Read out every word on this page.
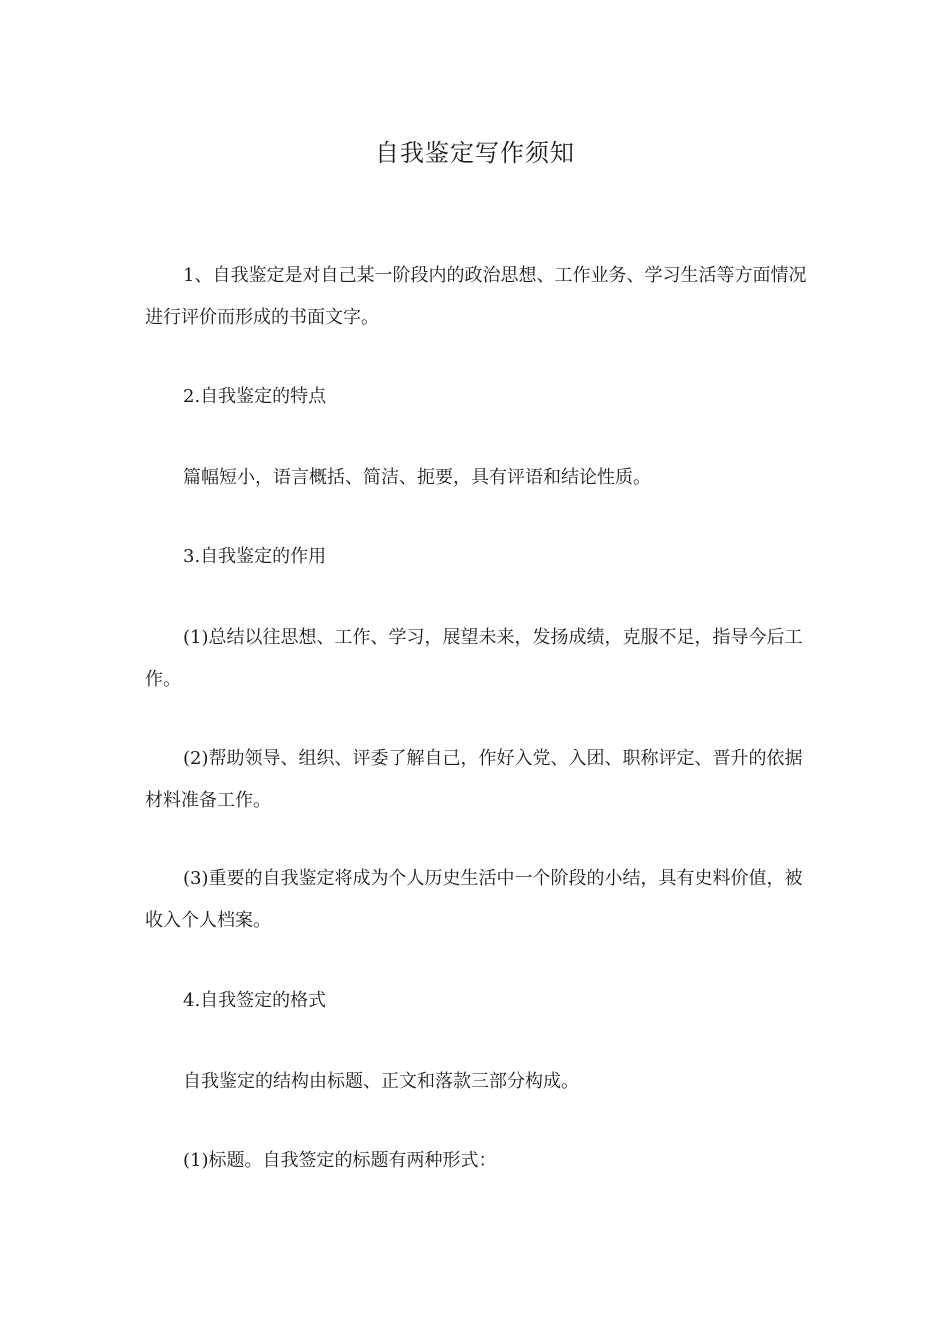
自我鉴定写作须知

1、自我鉴定是对自己某一阶段内的政治思想、工作业务、学习生活等方面情况进行评价而形成的书面文字。

2.自我鉴定的特点

篇幅短小，语言概括、简洁、扼要，具有评语和结论性质。

3.自我鉴定的作用

(1)总结以往思想、工作、学习，展望未来，发扬成绩，克服不足，指导今后工作。

(2)帮助领导、组织、评委了解自己，作好入党、入团、职称评定、晋升的依据材料准备工作。

(3)重要的自我鉴定将成为个人历史生活中一个阶段的小结，具有史料价值，被收入个人档案。

4.自我签定的格式

自我鉴定的结构由标题、正文和落款三部分构成。

(1)标题。自我签定的标题有两种形式：
